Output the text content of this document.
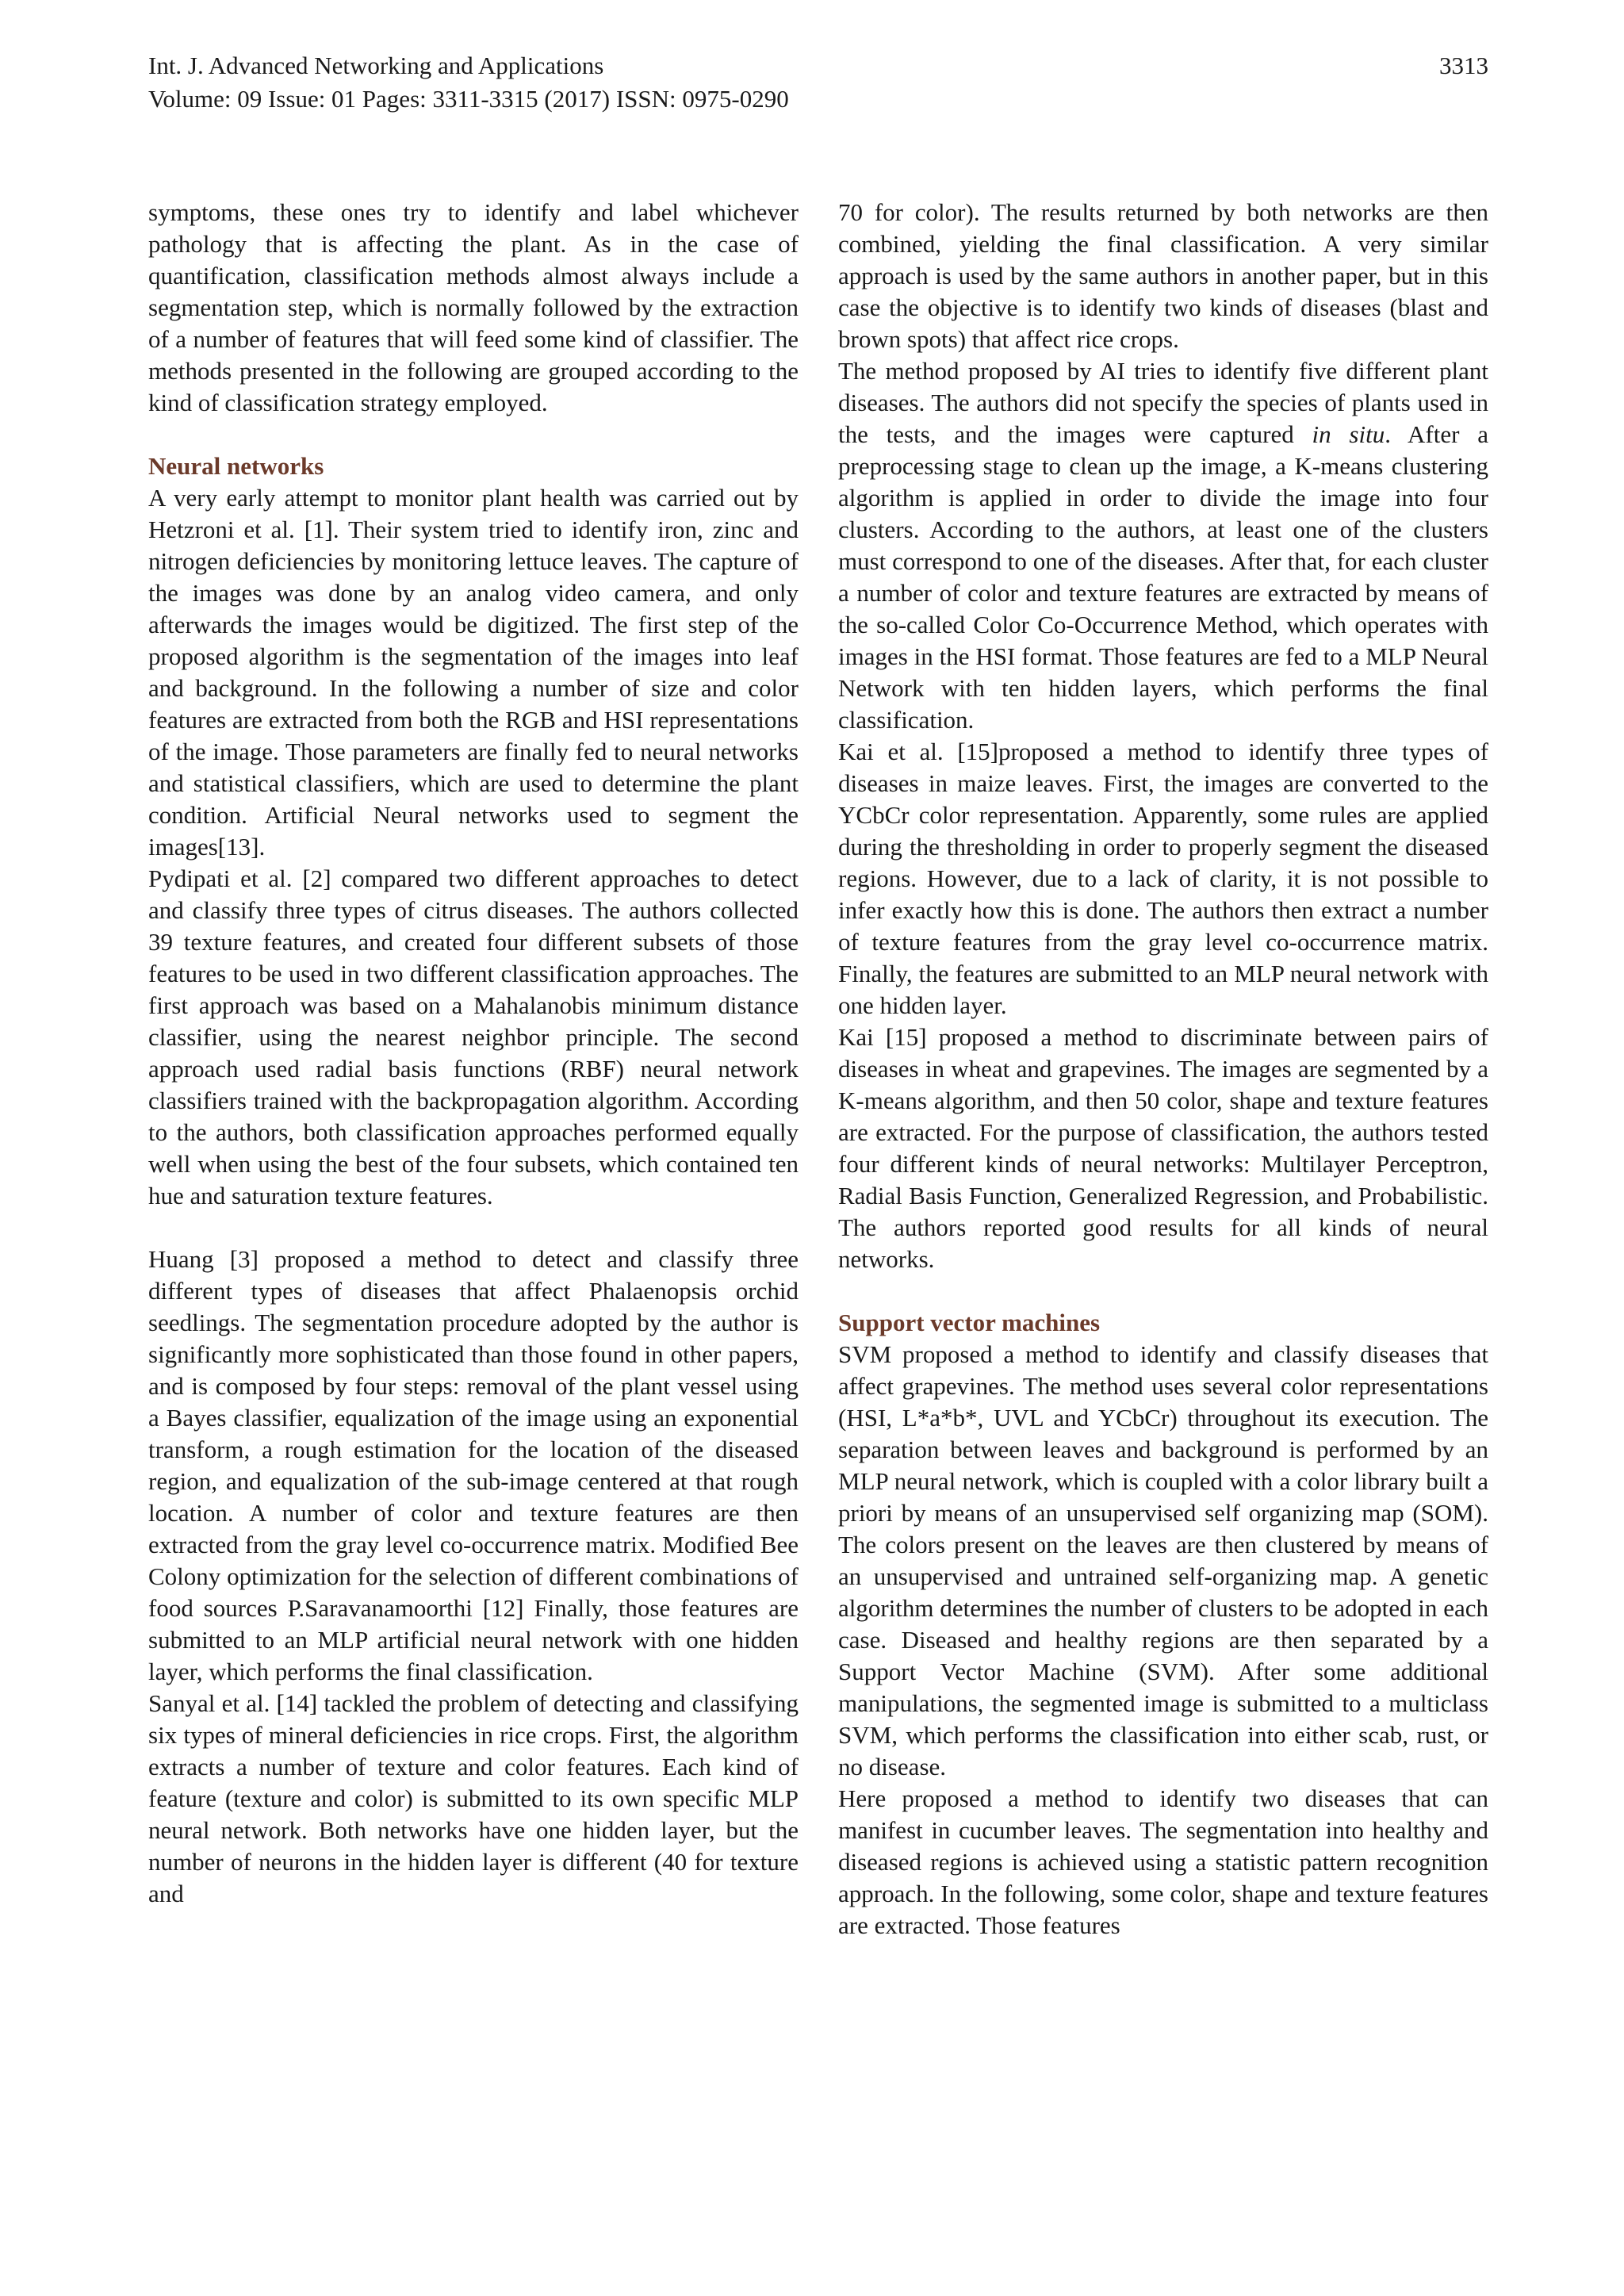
Int. J. Advanced Networking and Applications	3313
Volume: 09 Issue: 01 Pages: 3311-3315 (2017) ISSN: 0975-0290

symptoms, these ones try to identify and label whichever pathology that is affecting the plant. As in the case of quantification, classification methods almost always include a segmentation step, which is normally followed by the extraction of a number of features that will feed some kind of classifier. The methods presented in the following are grouped according to the kind of classification strategy employed.

Neural networks

A very early attempt to monitor plant health was carried out by Hetzroni et al. [1]. Their system tried to identify iron, zinc and nitrogen deficiencies by monitoring lettuce leaves. The capture of the images was done by an analog video camera, and only afterwards the images would be digitized. The first step of the proposed algorithm is the segmentation of the images into leaf and background. In the following a number of size and color features are extracted from both the RGB and HSI representations of the image. Those parameters are finally fed to neural networks and statistical classifiers, which are used to determine the plant condition. Artificial Neural networks used to segment the images[13].

Pydipati et al. [2] compared two different approaches to detect and classify three types of citrus diseases. The authors collected 39 texture features, and created four different subsets of those features to be used in two different classification approaches. The first approach was based on a Mahalanobis minimum distance classifier, using the nearest neighbor principle. The second approach used radial basis functions (RBF) neural network classifiers trained with the backpropagation algorithm. According to the authors, both classification approaches performed equally well when using the best of the four subsets, which contained ten hue and saturation texture features.

Huang [3] proposed a method to detect and classify three different types of diseases that affect Phalaenopsis orchid seedlings. The segmentation procedure adopted by the author is significantly more sophisticated than those found in other papers, and is composed by four steps: removal of the plant vessel using a Bayes classifier, equalization of the image using an exponential transform, a rough estimation for the location of the diseased region, and equalization of the sub-image centered at that rough location. A number of color and texture features are then extracted from the gray level co-occurrence matrix. Modified Bee Colony optimization for the selection of different combinations of food sources P.Saravanamoorthi [12] Finally, those features are submitted to an MLP artificial neural network with one hidden layer, which performs the final classification.

Sanyal et al. [14] tackled the problem of detecting and classifying six types of mineral deficiencies in rice crops. First, the algorithm extracts a number of texture and color features. Each kind of feature (texture and color) is submitted to its own specific MLP neural network. Both networks have one hidden layer, but the number of neurons in the hidden layer is different (40 for texture and

70 for color). The results returned by both networks are then combined, yielding the final classification. A very similar approach is used by the same authors in another paper, but in this case the objective is to identify two kinds of diseases (blast and brown spots) that affect rice crops.

The method proposed by AI tries to identify five different plant diseases. The authors did not specify the species of plants used in the tests, and the images were captured in situ. After a preprocessing stage to clean up the image, a K-means clustering algorithm is applied in order to divide the image into four clusters. According to the authors, at least one of the clusters must correspond to one of the diseases. After that, for each cluster a number of color and texture features are extracted by means of the so-called Color Co-Occurrence Method, which operates with images in the HSI format. Those features are fed to a MLP Neural Network with ten hidden layers, which performs the final classification.

Kai et al. [15]proposed a method to identify three types of diseases in maize leaves. First, the images are converted to the YCbCr color representation. Apparently, some rules are applied during the thresholding in order to properly segment the diseased regions. However, due to a lack of clarity, it is not possible to infer exactly how this is done. The authors then extract a number of texture features from the gray level co-occurrence matrix. Finally, the features are submitted to an MLP neural network with one hidden layer.

Kai [15] proposed a method to discriminate between pairs of diseases in wheat and grapevines. The images are segmented by a K-means algorithm, and then 50 color, shape and texture features are extracted. For the purpose of classification, the authors tested four different kinds of neural networks: Multilayer Perceptron, Radial Basis Function, Generalized Regression, and Probabilistic. The authors reported good results for all kinds of neural networks.

Support vector machines

SVM proposed a method to identify and classify diseases that affect grapevines. The method uses several color representations (HSI, L*a*b*, UVL and YCbCr) throughout its execution. The separation between leaves and background is performed by an MLP neural network, which is coupled with a color library built a priori by means of an unsupervised self organizing map (SOM). The colors present on the leaves are then clustered by means of an unsupervised and untrained self-organizing map. A genetic algorithm determines the number of clusters to be adopted in each case. Diseased and healthy regions are then separated by a Support Vector Machine (SVM). After some additional manipulations, the segmented image is submitted to a multiclass SVM, which performs the classification into either scab, rust, or no disease.

Here proposed a method to identify two diseases that can manifest in cucumber leaves. The segmentation into healthy and diseased regions is achieved using a statistic pattern recognition approach. In the following, some color, shape and texture features are extracted. Those features
